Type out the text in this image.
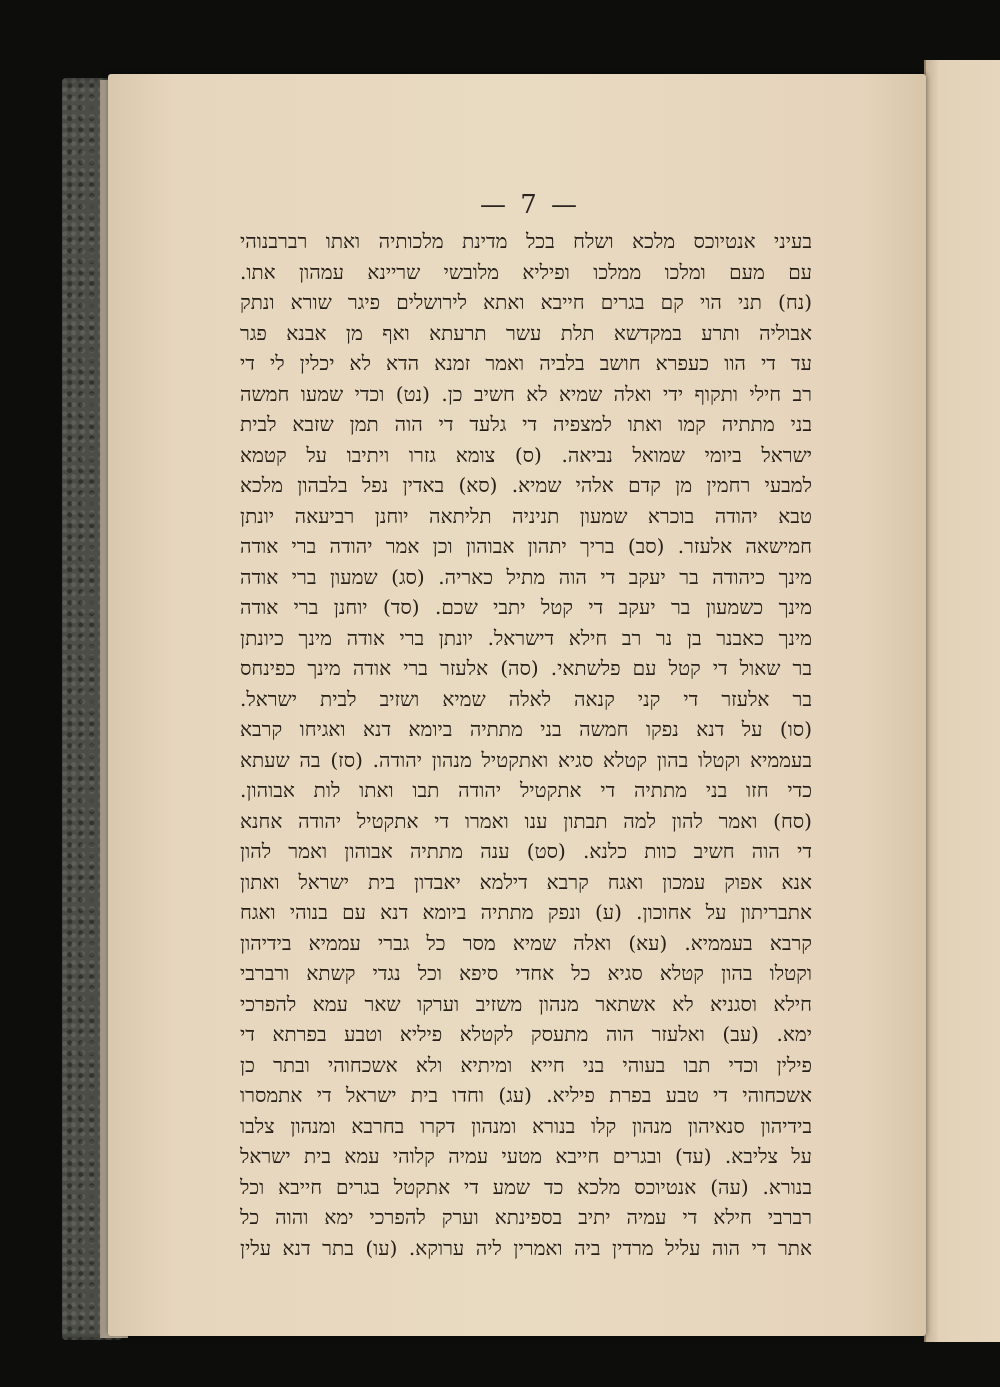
— 7 —
בעיני אנטיוכס מלכא ושלח בכל מדינת מלכותיה ואתו רברבנוהי
עם מעם ומלכו ממלכו ופיליא מלובשי שריינא עמהון אתו.
(נח) תני הוי קם בגרים חייבא ואתא לירושלים פיגר שורא ונתק
אבוליה ותרע במקדשא תלת עשר תרעתא ואף מן אבנא פגר
עד די הוו כעפרא חושב בלביה ואמר זמנא הדא לא יכלין לי די
רב חילי ותקוף ידי ואלה שמיא לא חשיב כן. (נט) וכדי שמעו חמשה
בני מתתיה קמו ואתו למצפיה די גלעד די הוה תמן שזבא לבית
ישראל ביומי שמואל נביאה. (ס) צומא גזרו ויתיבו על קטמא
למבעי רחמין מן קדם אלהי שמיא. (סא) באדין נפל בלבהון מלכא
טבא יהודה בוכרא שמעון תניניה תליתאה יוחנן רביעאה יונתן
חמישאה אלעזר. (סב) בריך יתהון אבוהון וכן אמר יהודה ברי אודה
מינך כיהודה בר יעקב די הוה מתיל כאריה. (סג) שמעון ברי אודה
מינך כשמעון בר יעקב די קטל יתבי שכם. (סד) יוחנן ברי אודה
מינך כאבנר בן נר רב חילא דישראל. יונתן ברי אודה מינך כיונתן
בר שאול די קטל עם פלשתאי. (סה) אלעזר ברי אודה מינך כפינחס
בר אלעזר די קני קנאה לאלה שמיא ושזיב לבית ישראל.
(סו) על דנא נפקו חמשה בני מתתיה ביומא דנא ואגיחו קרבא
בעממיא וקטלו בהון קטלא סגיא ואתקטיל מנהון יהודה. (סז) בה שעתא
כדי חזו בני מתתיה די אתקטיל יהודה תבו ואתו לות אבוהון.
(סח) ואמר להון למה תבתון ענו ואמרו די אתקטיל יהודה אחנא
די הוה חשיב כוות כלנא. (סט) ענה מתתיה אבוהון ואמר להון
אנא אפוק עמכון ואגח קרבא דילמא יאבדון בית ישראל ואתון
אתבריתון על אחוכון. (ע) ונפק מתתיה ביומא דנא עם בנוהי ואגח
קרבא בעממיא. (עא) ואלה שמיא מסר כל גברי עממיא בידיהון
וקטלו בהון קטלא סגיא כל אחדי סיפא וכל נגדי קשתא ורברבי
חילא וסגניא לא אשתאר מנהון משזיב וערקו שאר עמא להפרכי
ימא. (עב) ואלעזר הוה מתעסק לקטלא פיליא וטבע בפרתא די
פילין וכדי תבו בעוהי בני חייא ומיתיא ולא אשכחוהי ובתר כן
אשכחוהי די טבע בפרת פיליא. (עג) וחדו בית ישראל די אתמסרו
בידיהון סנאיהון מנהון קלו בנורא ומנהון דקרו בחרבא ומנהון צלבו
על צליבא. (עד) ובגרים חייבא מטעי עמיה קלוהי עמא בית ישראל
בנורא. (עה) אנטיוכס מלכא כד שמע די אתקטל בגרים חייבא וכל
רברבי חילא די עמיה יתיב בספינתא וערק להפרכי ימא והוה כל
אתר די הוה עליל מרדין ביה ואמרין ליה ערוקא. (עו) בתר דנא עלין
